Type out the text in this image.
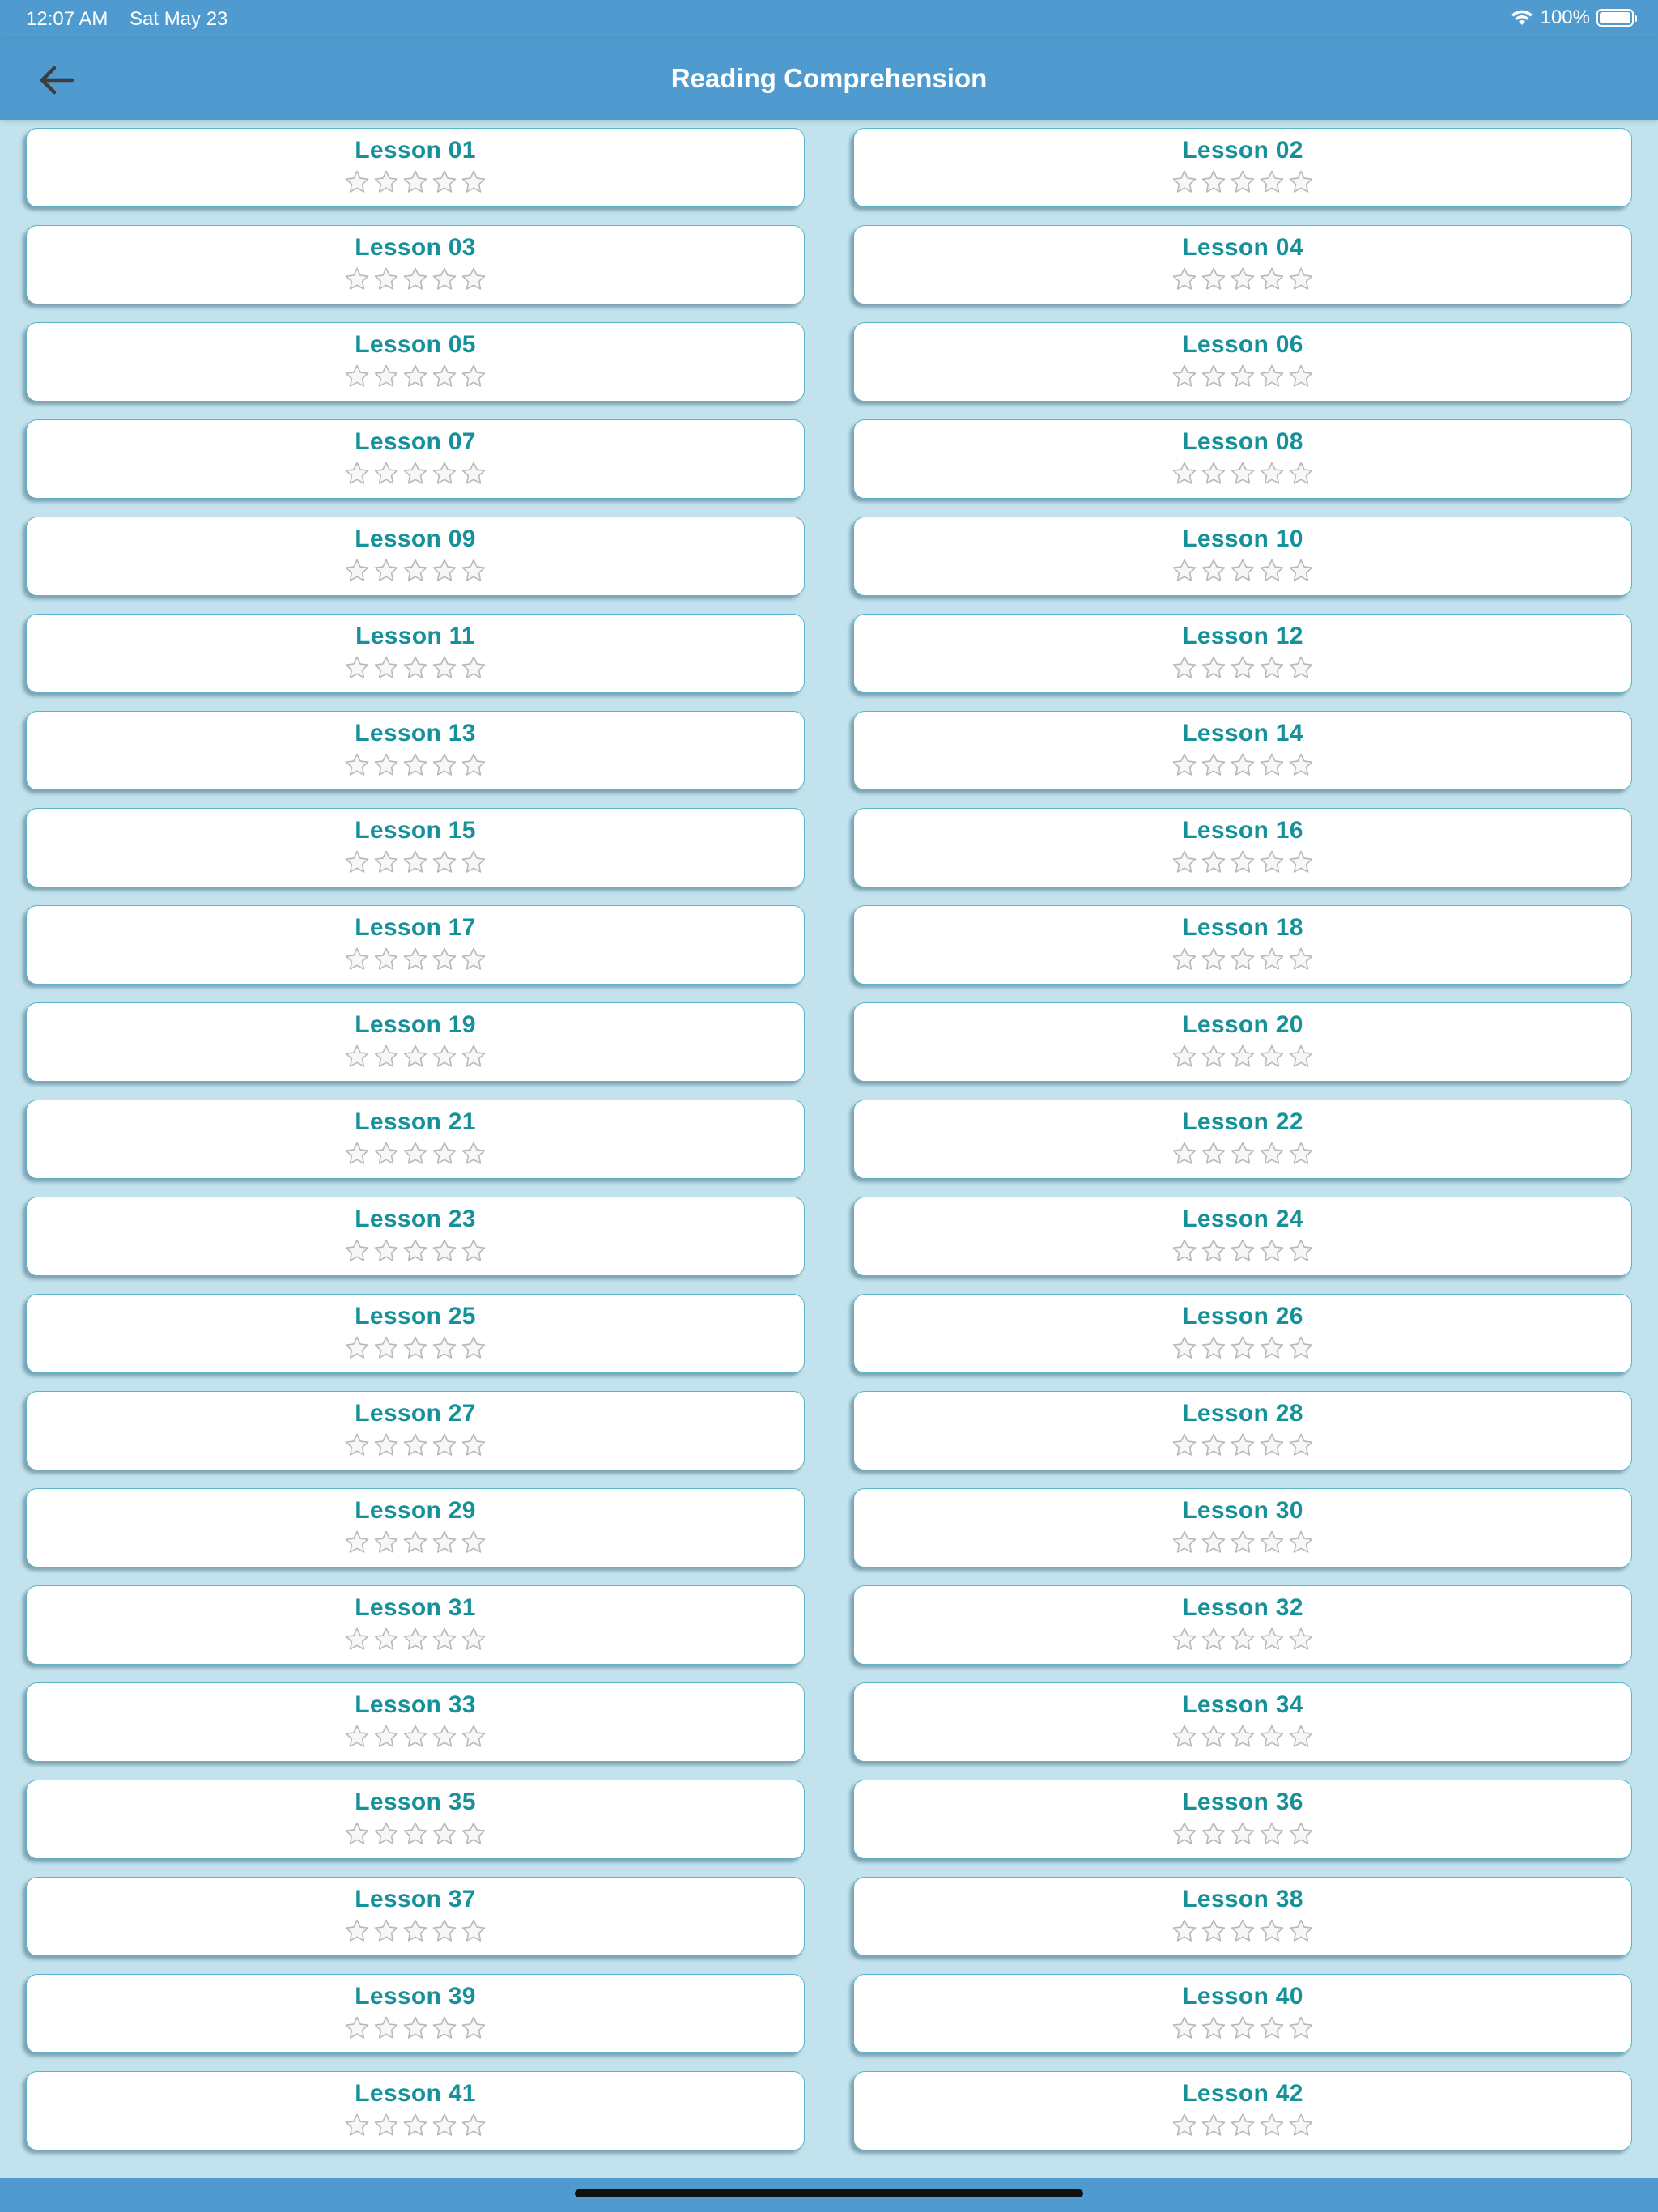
12:07 AM Sat May 23	100%
Reading Comprehension
Lesson 01	Lesson 02
Lesson 03	Lesson 04
Lesson 05	Lesson 06
Lesson 07	Lesson 08
Lesson 09	Lesson 10
Lesson 11	Lesson 12
Lesson 13	Lesson 14
Lesson 15	Lesson 16
Lesson 17	Lesson 18
Lesson 19	Lesson 20
Lesson 21	Lesson 22
Lesson 23	Lesson 24
Lesson 25	Lesson 26
Lesson 27	Lesson 28
Lesson 29	Lesson 30
Lesson 31	Lesson 32
Lesson 33	Lesson 34
Lesson 35	Lesson 36
Lesson 37	Lesson 38
Lesson 39	Lesson 40
Lesson 41	Lesson 42
